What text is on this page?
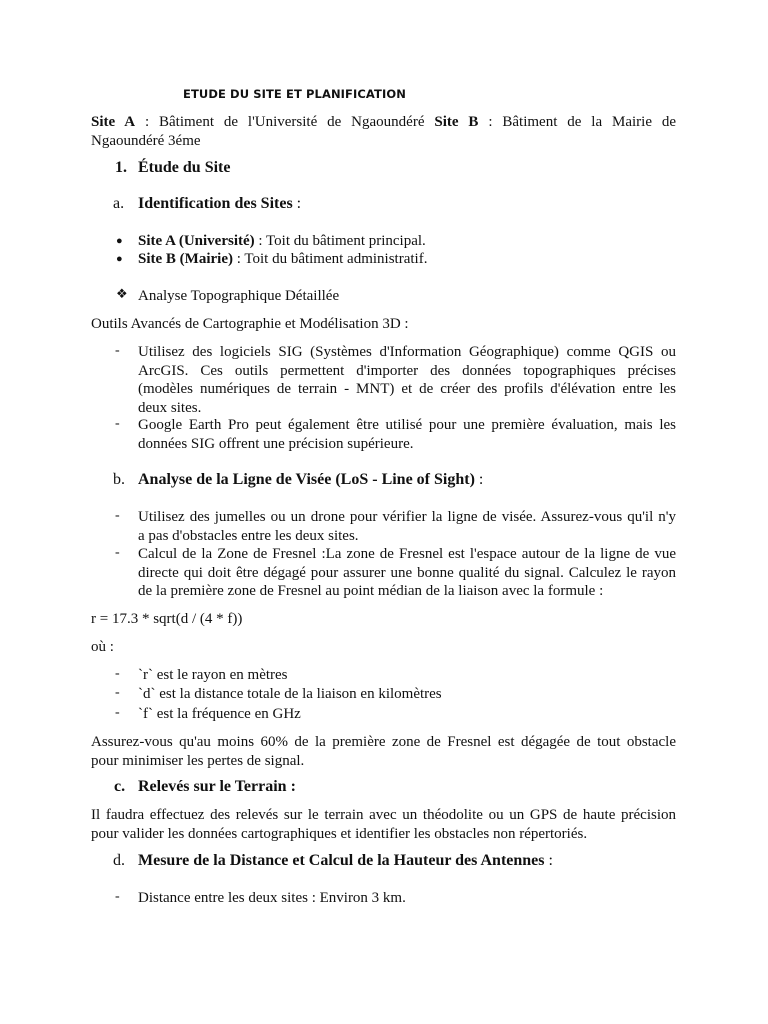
ETUDE DU SITE ET PLANIFICATION

Site A : Bâtiment de l'Université de Ngaoundéré Site B : Bâtiment de la Mairie de

Ngaoundéré 3éme

1. Étude du Site
a. Identification des Sites :
● Site A (Université) : Toit du bâtiment principal.

● Site B (Mairie) : Toit du bâtiment administratif.

❖ Analyse Topographique Détaillée

Outils Avancés de Cartographie et Modélisation 3D :

- Utilisez des logiciels SIG (Systèmes d'Information Géographique) comme QGIS ou
ArcGIS. Ces outils permettent d'importer des données topographiques précises
(modèles numériques de terrain - MNT) et de créer des profils d'élévation entre les
deux sites.
- Google Earth Pro peut également être utilisé pour une première évaluation, mais les
données SIG offrent une précision supérieure.
b. Analyse de la Ligne de Visée (LoS - Line of Sight) :
- Utilisez des jumelles ou un drone pour vérifier la ligne de visée. Assurez-vous qu'il n'y
a pas d'obstacles entre les deux sites.
- Calcul de la Zone de Fresnel :La zone de Fresnel est l'espace autour de la ligne de vue
directe qui doit être dégagé pour assurer une bonne qualité du signal. Calculez le rayon
de la première zone de Fresnel au point médian de la liaison avec la formule :

r = 17.3 * sqrt(d / (4 * f))

où :

- `r` est le rayon en mètres

- `d` est la distance totale de la liaison en kilomètres

- `f` est la fréquence en GHz

Assurez-vous qu'au moins 60% de la première zone de Fresnel est dégagée de tout obstacle
pour minimiser les pertes de signal.
c. Relevés sur le Terrain :
Il faudra effectuez des relevés sur le terrain avec un théodolite ou un GPS de haute précision
pour valider les données cartographiques et identifier les obstacles non répertoriés.
d. Mesure de la Distance et Calcul de la Hauteur des Antennes :
- Distance entre les deux sites : Environ 3 km.
